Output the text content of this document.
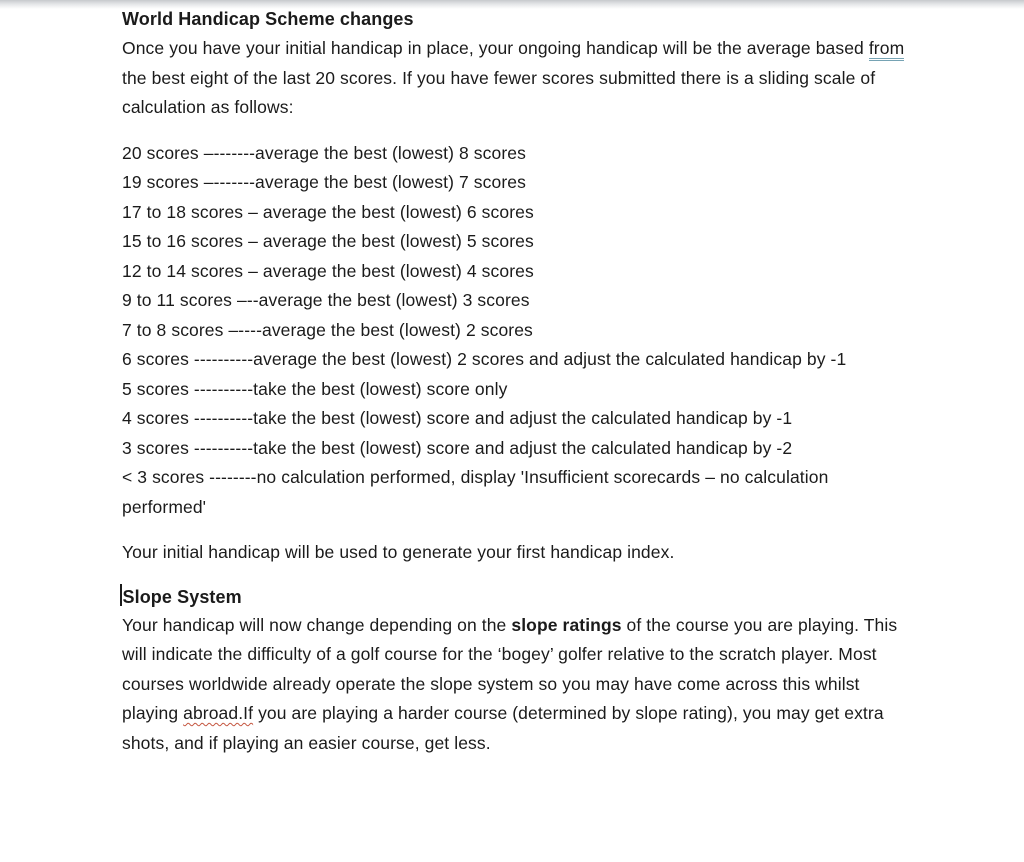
World Handicap Scheme changes

Once you have your initial handicap in place, your ongoing handicap will be the average based from the best eight of the last 20 scores. If you have fewer scores submitted there is a sliding scale of calculation as follows:

20 scores –-------average the best (lowest) 8 scores
19 scores –-------average the best (lowest) 7 scores
17 to 18 scores – average the best (lowest) 6 scores
15 to 16 scores – average the best (lowest) 5 scores
12 to 14 scores – average the best (lowest) 4 scores
9 to 11 scores –--average the best (lowest) 3 scores
7 to 8 scores –----average the best (lowest) 2 scores
6 scores ----------average the best (lowest) 2 scores and adjust the calculated handicap by -1
5 scores ----------take the best (lowest) score only
4 scores ----------take the best (lowest) score and adjust the calculated handicap by -1
3 scores ----------take the best (lowest) score and adjust the calculated handicap by -2
< 3 scores --------no calculation performed, display 'Insufficient scorecards – no calculation performed'

Your initial handicap will be used to generate your first handicap index.

Slope System

Your handicap will now change depending on the slope ratings of the course you are playing. This will indicate the difficulty of a golf course for the ‘bogey’ golfer relative to the scratch player. Most courses worldwide already operate the slope system so you may have come across this whilst playing abroad.If you are playing a harder course (determined by slope rating), you may get extra shots, and if playing an easier course, get less.
